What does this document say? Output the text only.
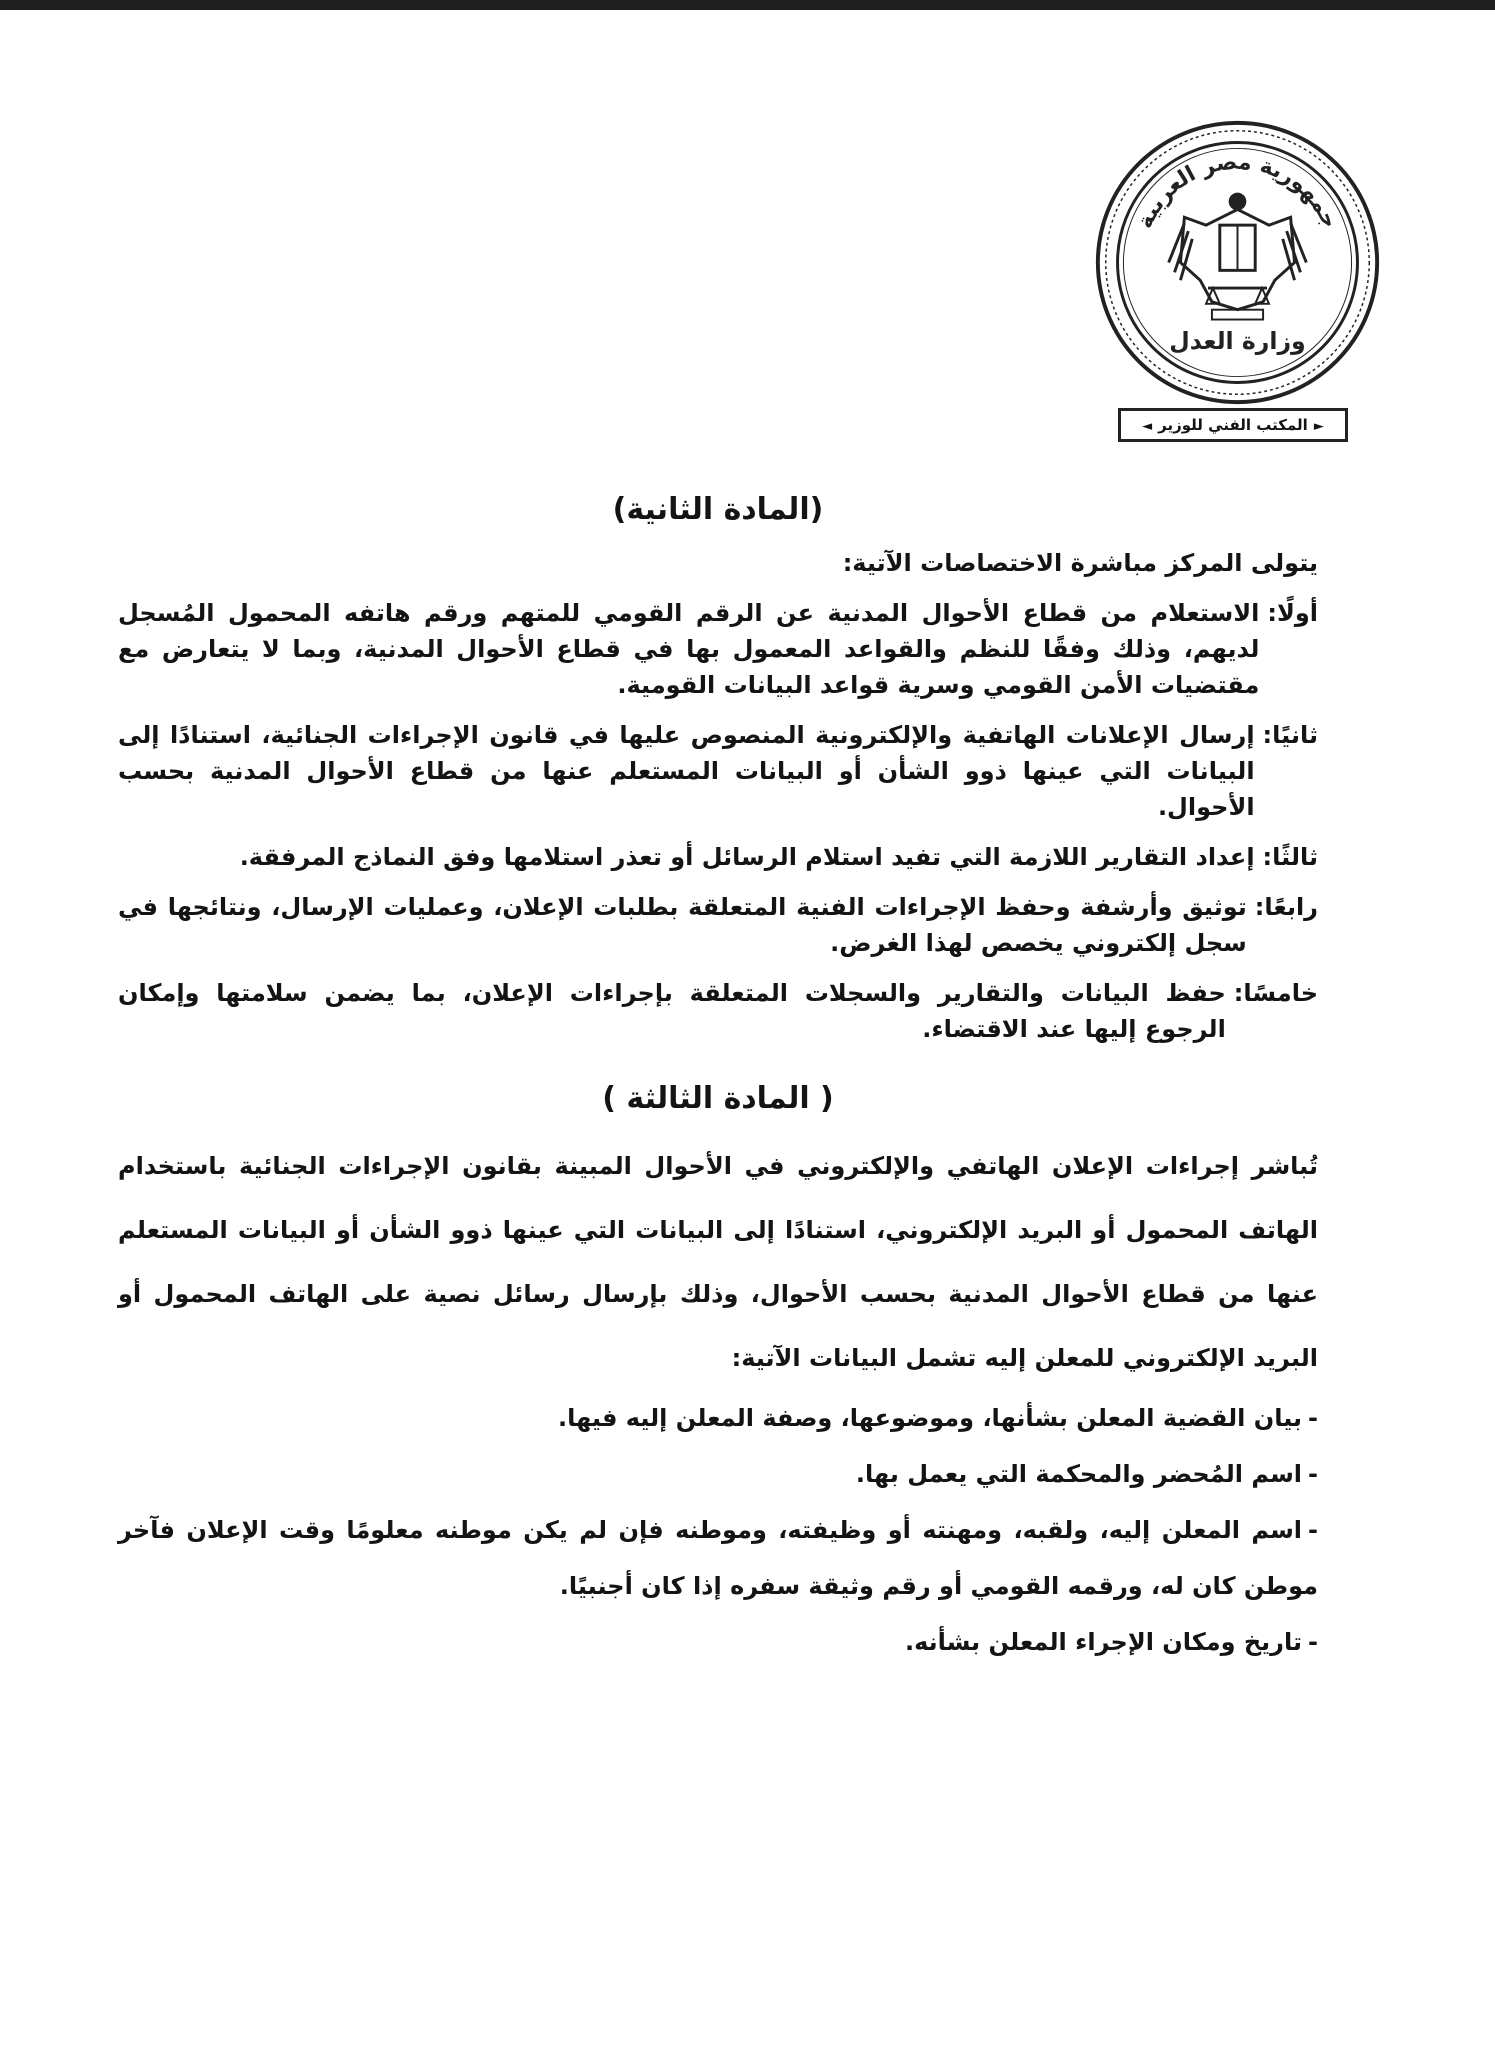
جمهورية مصر العربية
وزارة العدل
◄ المكتب الفني للوزير ►
(المادة الثانية)

يتولى المركز مباشرة الاختصاصات الآتية:

أولًا:
الاستعلام من قطاع الأحوال المدنية عن الرقم القومي للمتهم ورقم هاتفه المحمول المُسجل لديهم، وذلك وفقًا للنظم والقواعد المعمول بها في قطاع الأحوال المدنية، وبما لا يتعارض مع مقتضيات الأمن القومي وسرية قواعد البيانات القومية.
ثانيًا:
إرسال الإعلانات الهاتفية والإلكترونية المنصوص عليها في قانون الإجراءات الجنائية، استنادًا إلى البيانات التي عينها ذوو الشأن أو البيانات المستعلم عنها من قطاع الأحوال المدنية بحسب الأحوال.
ثالثًا:
إعداد التقارير اللازمة التي تفيد استلام الرسائل أو تعذر استلامها وفق النماذج المرفقة.
رابعًا:
توثيق وأرشفة وحفظ الإجراءات الفنية المتعلقة بطلبات الإعلان، وعمليات الإرسال، ونتائجها في سجل إلكتروني يخصص لهذا الغرض.
خامسًا:
حفظ البيانات والتقارير والسجلات المتعلقة بإجراءات الإعلان، بما يضمن سلامتها وإمكان الرجوع إليها عند الاقتضاء.
( المادة الثالثة )

تُباشر إجراءات الإعلان الهاتفي والإلكتروني في الأحوال المبينة بقانون الإجراءات الجنائية باستخدام الهاتف المحمول أو البريد الإلكتروني، استنادًا إلى البيانات التي عينها ذوو الشأن أو البيانات المستعلم عنها من قطاع الأحوال المدنية بحسب الأحوال، وذلك بإرسال رسائل نصية على الهاتف المحمول أو البريد الإلكتروني للمعلن إليه تشمل البيانات الآتية:

-بيان القضية المعلن بشأنها، وموضوعها، وصفة المعلن إليه فيها.
-اسم المُحضر والمحكمة التي يعمل بها.
-اسم المعلن إليه، ولقبه، ومهنته أو وظيفته، وموطنه فإن لم يكن موطنه معلومًا وقت الإعلان فآخر موطن كان له، ورقمه القومي أو رقم وثيقة سفره إذا كان أجنبيًا.
-تاريخ ومكان الإجراء المعلن بشأنه.
